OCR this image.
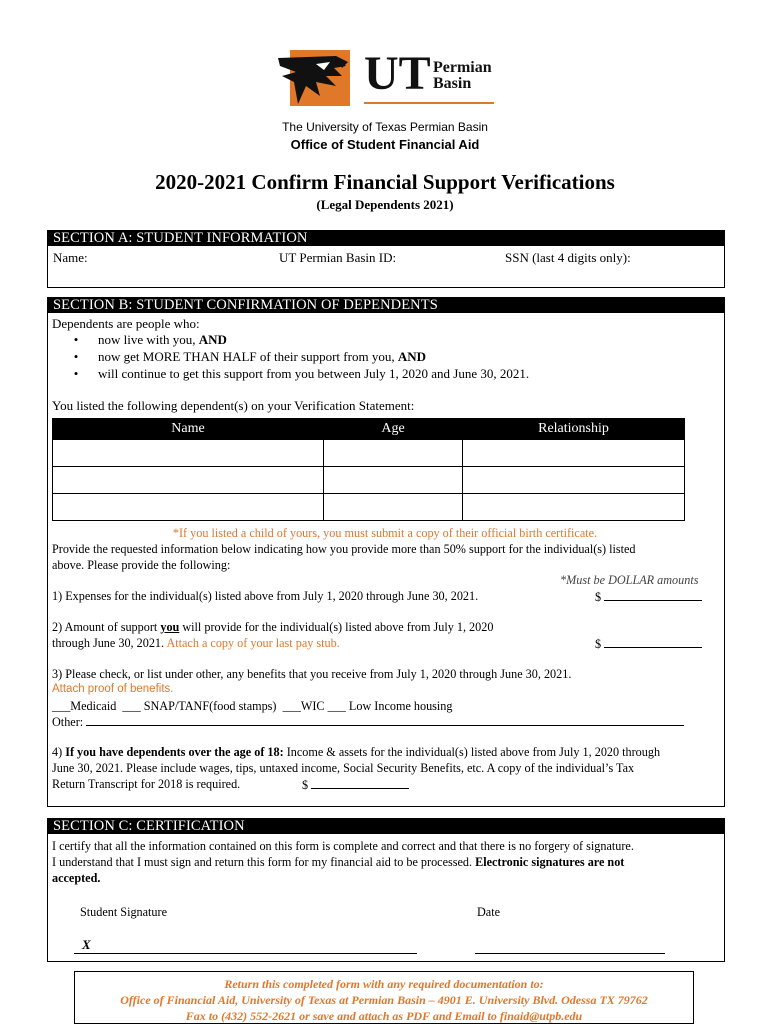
UT Permian
Basin
The University of Texas Permian Basin
Office of Student Financial Aid
2020-2021 Confirm Financial Support Verifications
(Legal Dependents 2021)
SECTION A: STUDENT INFORMATION
Name:	UT Permian Basin ID:	SSN (last 4 digits only):
SECTION B: STUDENT CONFIRMATION OF DEPENDENTS
Dependents are people who:
• now live with you, AND
• now get MORE THAN HALF of their support from you, AND
• will continue to get this support from you between July 1, 2020 and June 30, 2021.
You listed the following dependent(s) on your Verification Statement:
Name	Age	Relationship

*If you listed a child of yours, you must submit a copy of their official birth certificate.
Provide the requested information below indicating how you provide more than 50% support for the individual(s) listed
above. Please provide the following:
*Must be DOLLAR amounts
1) Expenses for the individual(s) listed above from July 1, 2020 through June 30, 2021.	$
2) Amount of support you will provide for the individual(s) listed above from July 1, 2020
through June 30, 2021. Attach a copy of your last pay stub.	$
3) Please check, or list under other, any benefits that you receive from July 1, 2020 through June 30, 2021.
Attach proof of benefits.
___Medicaid  ___ SNAP/TANF(food stamps)  ___WIC ___ Low Income housing
Other:
4) If you have dependents over the age of 18: Income & assets for the individual(s) listed above from July 1, 2020 through
June 30, 2021. Please include wages, tips, untaxed income, Social Security Benefits, etc. A copy of the individual’s Tax
Return Transcript for 2018 is required.	$
SECTION C: CERTIFICATION
I certify that all the information contained on this form is complete and correct and that there is no forgery of signature.
I understand that I must sign and return this form for my financial aid to be processed. Electronic signatures are not
accepted.
Student Signature	Date
X
Return this completed form with any required documentation to:
Office of Financial Aid, University of Texas at Permian Basin – 4901 E. University Blvd. Odessa TX 79762
Fax to (432) 552-2621 or save and attach as PDF and Email to finaid@utpb.edu
